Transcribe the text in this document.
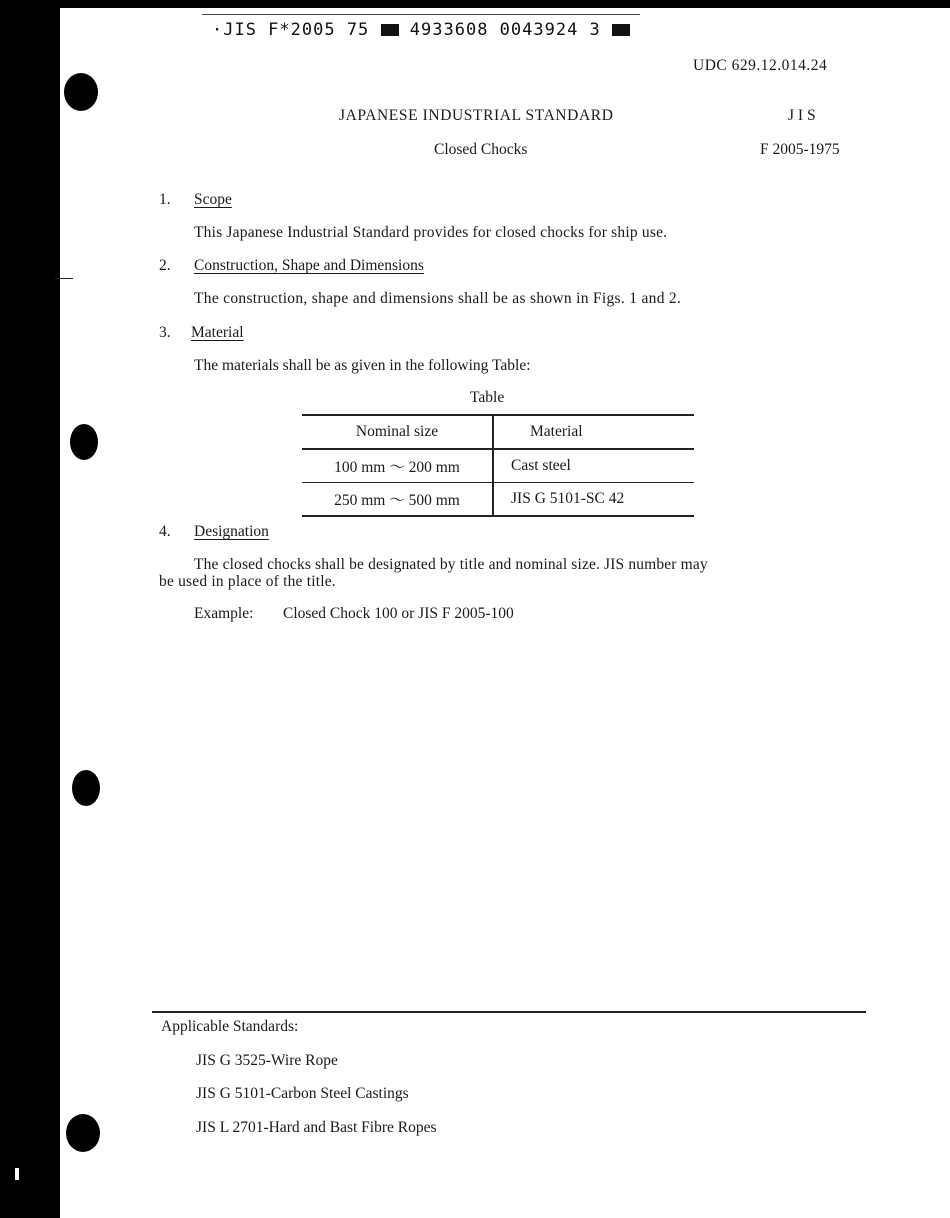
·JIS F*2005 75 4933608 0043924 3
UDC 629.12.014.24
JAPANESE INDUSTRIAL STANDARD	J I S
Closed Chocks	F 2005-1975
1. Scope
This Japanese Industrial Standard provides for closed chocks for ship use.
2. Construction, Shape and Dimensions
The construction, shape and dimensions shall be as shown in Figs. 1 and 2.
3. Material
The materials shall be as given in the following Table:
Table
Nominal size	Material
100 mm ～ 200 mm	Cast steel
250 mm ～ 500 mm	JIS G 5101-SC 42
4. Designation
The closed chocks shall be designated by title and nominal size. JIS number may
be used in place of the title.
Example: Closed Chock 100 or JIS F 2005-100
Applicable Standards:
JIS G 3525-Wire Rope
JIS G 5101-Carbon Steel Castings
JIS L 2701-Hard and Bast Fibre Ropes
